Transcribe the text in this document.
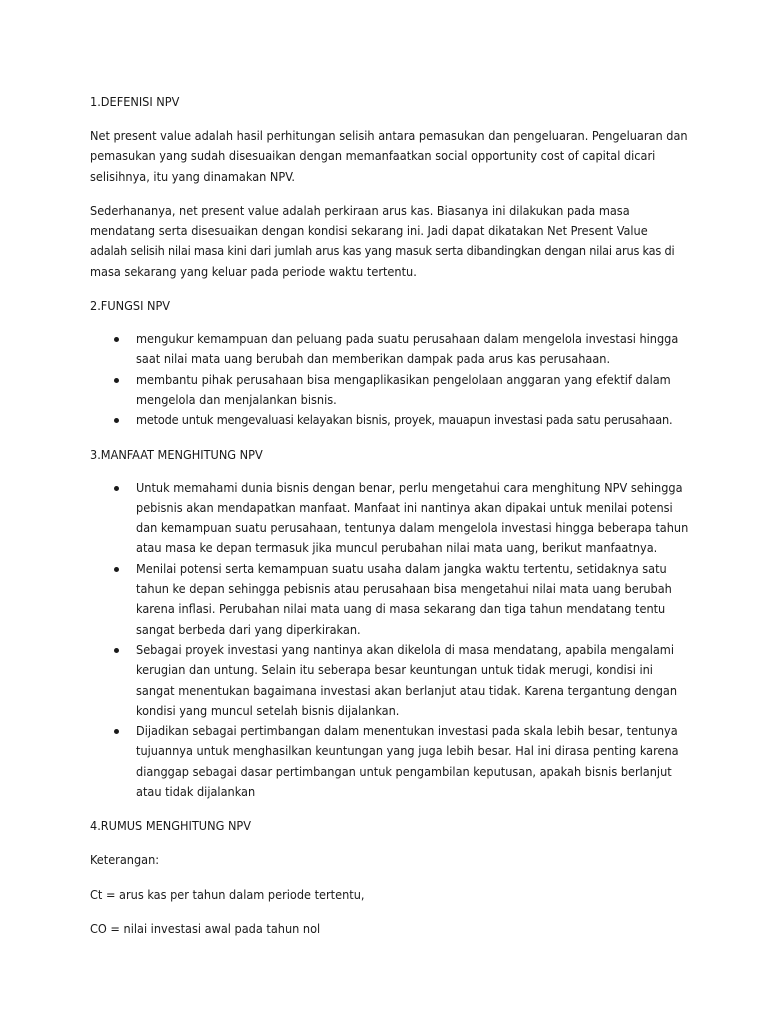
1.DEFENISI NPV
Net present value adalah hasil perhitungan selisih antara pemasukan dan pengeluaran. Pengeluaran dan
pemasukan yang sudah disesuaikan dengan memanfaatkan social opportunity cost of capital dicari
selisihnya, itu yang dinamakan NPV.
Sederhananya, net present value adalah perkiraan arus kas. Biasanya ini dilakukan pada masa
mendatang serta disesuaikan dengan kondisi sekarang ini. Jadi dapat dikatakan Net Present Value
adalah selisih nilai masa kini dari jumlah arus kas yang masuk serta dibandingkan dengan nilai arus kas di
masa sekarang yang keluar pada periode waktu tertentu.
2.FUNGSI NPV
mengukur kemampuan dan peluang pada suatu perusahaan dalam mengelola investasi hingga
saat nilai mata uang berubah dan memberikan dampak pada arus kas perusahaan.
membantu pihak perusahaan bisa mengaplikasikan pengelolaan anggaran yang efektif dalam
mengelola dan menjalankan bisnis.
metode untuk mengevaluasi kelayakan bisnis, proyek, mauapun investasi pada satu perusahaan.
3.MANFAAT MENGHITUNG NPV
Untuk memahami dunia bisnis dengan benar, perlu mengetahui cara menghitung NPV sehingga
pebisnis akan mendapatkan manfaat. Manfaat ini nantinya akan dipakai untuk menilai potensi
dan kemampuan suatu perusahaan, tentunya dalam mengelola investasi hingga beberapa tahun
atau masa ke depan termasuk jika muncul perubahan nilai mata uang, berikut manfaatnya.
Menilai potensi serta kemampuan suatu usaha dalam jangka waktu tertentu, setidaknya satu
tahun ke depan sehingga pebisnis atau perusahaan bisa mengetahui nilai mata uang berubah
karena inflasi. Perubahan nilai mata uang di masa sekarang dan tiga tahun mendatang tentu
sangat berbeda dari yang diperkirakan.
Sebagai proyek investasi yang nantinya akan dikelola di masa mendatang, apabila mengalami
kerugian dan untung. Selain itu seberapa besar keuntungan untuk tidak merugi, kondisi ini
sangat menentukan bagaimana investasi akan berlanjut atau tidak. Karena tergantung dengan
kondisi yang muncul setelah bisnis dijalankan.
Dijadikan sebagai pertimbangan dalam menentukan investasi pada skala lebih besar, tentunya
tujuannya untuk menghasilkan keuntungan yang juga lebih besar. Hal ini dirasa penting karena
dianggap sebagai dasar pertimbangan untuk pengambilan keputusan, apakah bisnis berlanjut
atau tidak dijalankan
4.RUMUS MENGHITUNG NPV
Keterangan:
Ct = arus kas per tahun dalam periode tertentu,
CO = nilai investasi awal pada tahun nol
